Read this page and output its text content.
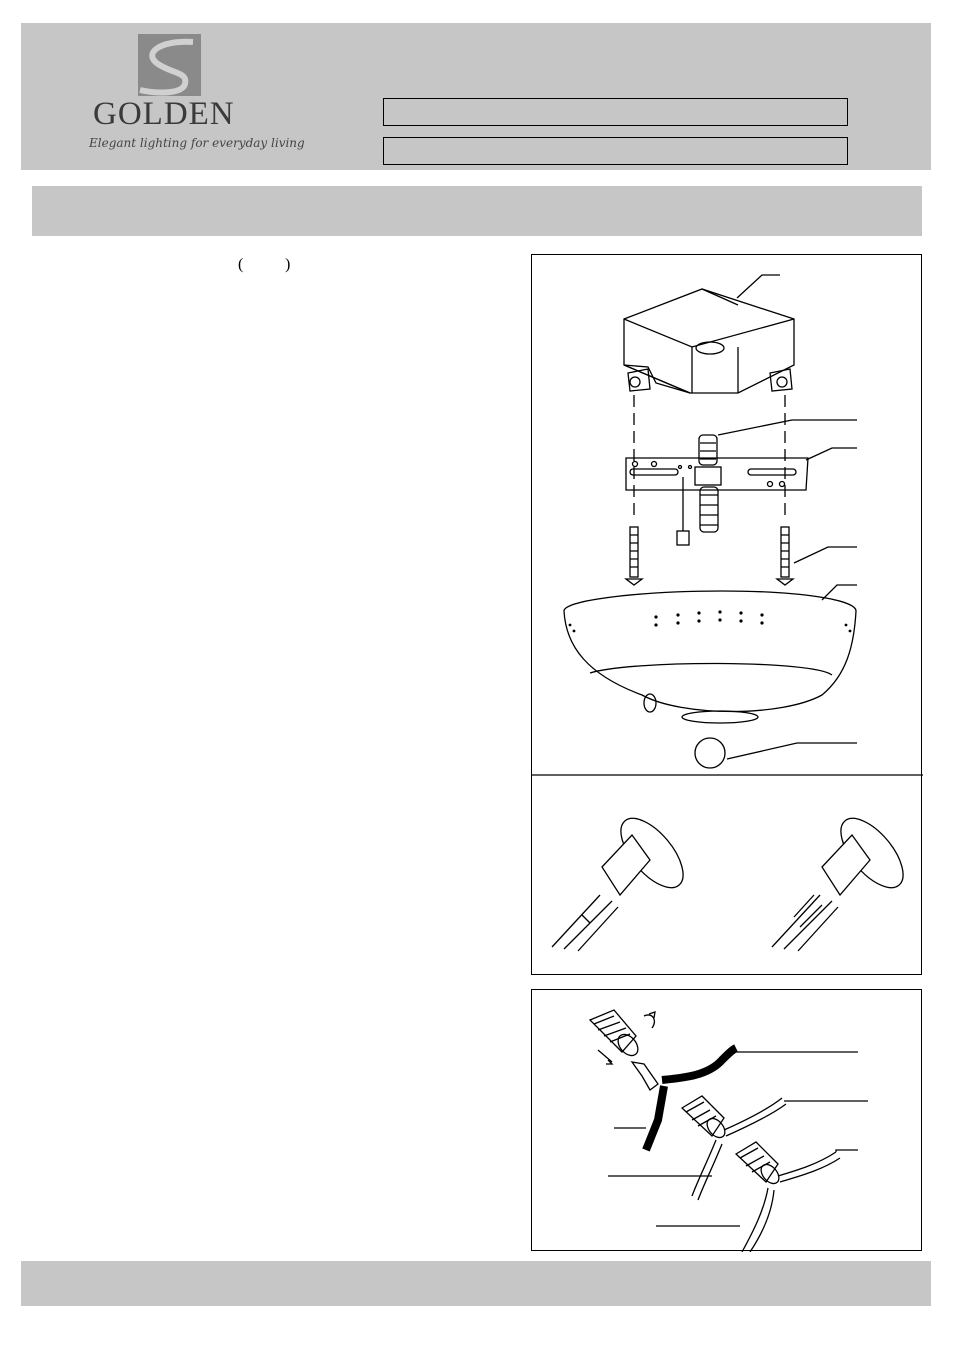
GOLDEN
Elegant lighting for everyday living
(	)
